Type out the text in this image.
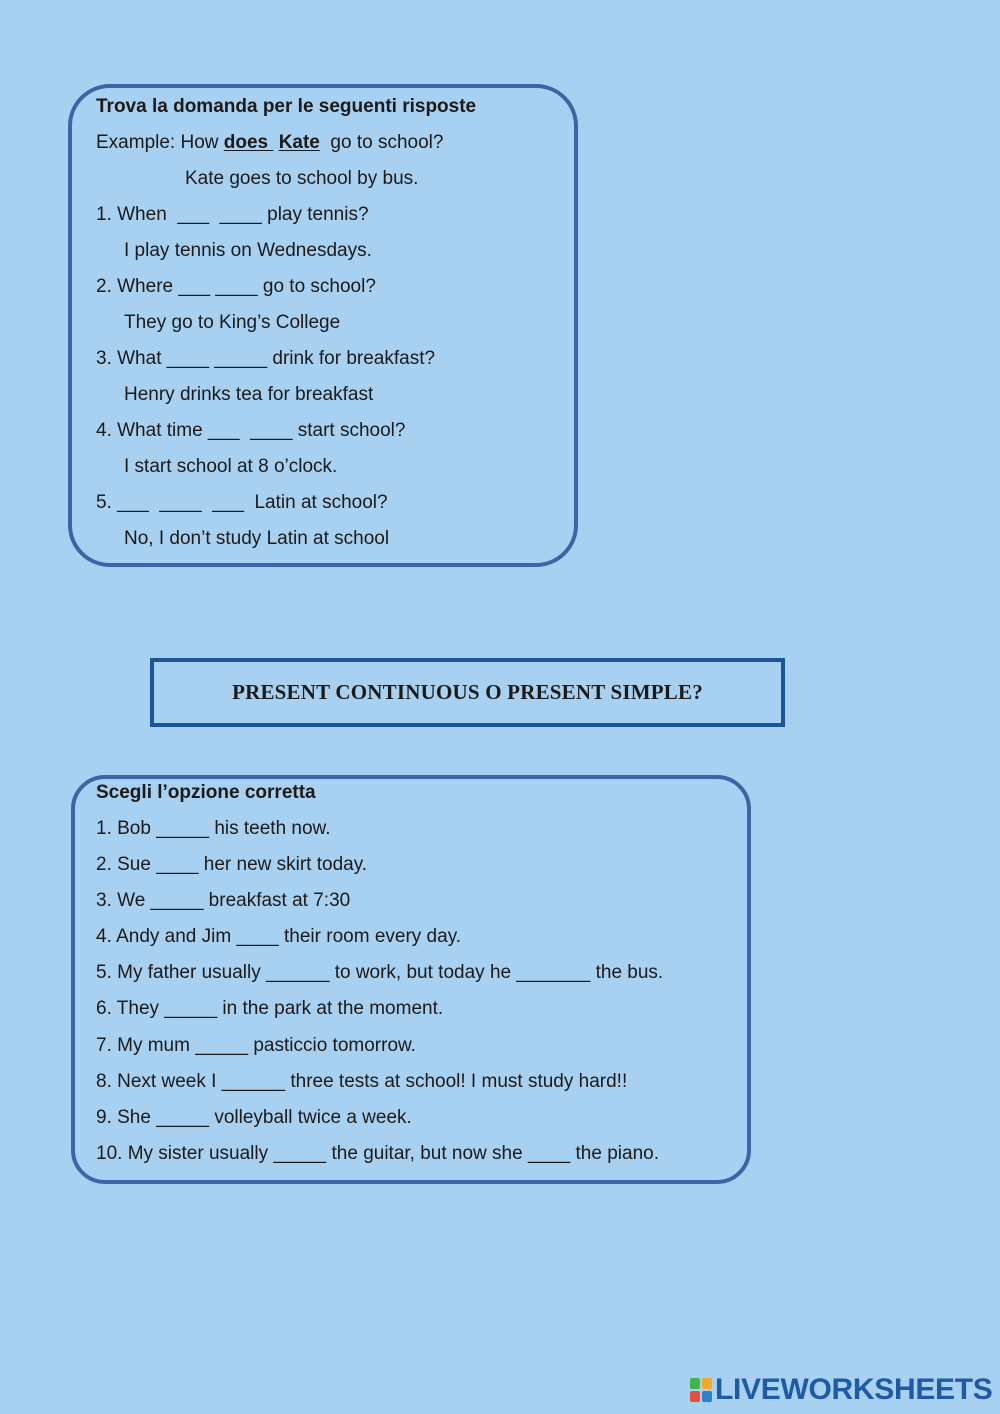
Trova la domanda per le seguenti risposte
Example: How does  Kate  go to school?
Kate goes to school by bus.
1. When  ___  ____ play tennis?
I play tennis on Wednesdays.
2. Where ___ ____ go to school?
They go to King’s College
3. What ____ _____ drink for breakfast?
Henry drinks tea for breakfast
4. What time ___  ____ start school?
I start school at 8 o’clock.
5. ___  ____  ___  Latin at school?
No, I don’t study Latin at school
PRESENT CONTINUOUS O PRESENT SIMPLE?
Scegli l’opzione corretta
1. Bob _____ his teeth now.
2. Sue ____ her new skirt today.
3. We _____ breakfast at 7:30
4. Andy and Jim ____ their room every day.
5. My father usually ______ to work, but today he _______ the bus.
6. They _____ in the park at the moment.
7. My mum _____ pasticcio tomorrow.
8. Next week I ______ three tests at school! I must study hard!!
9. She _____ volleyball twice a week.
10. My sister usually _____ the guitar, but now she ____ the piano.
LIVEWORKSHEETS
